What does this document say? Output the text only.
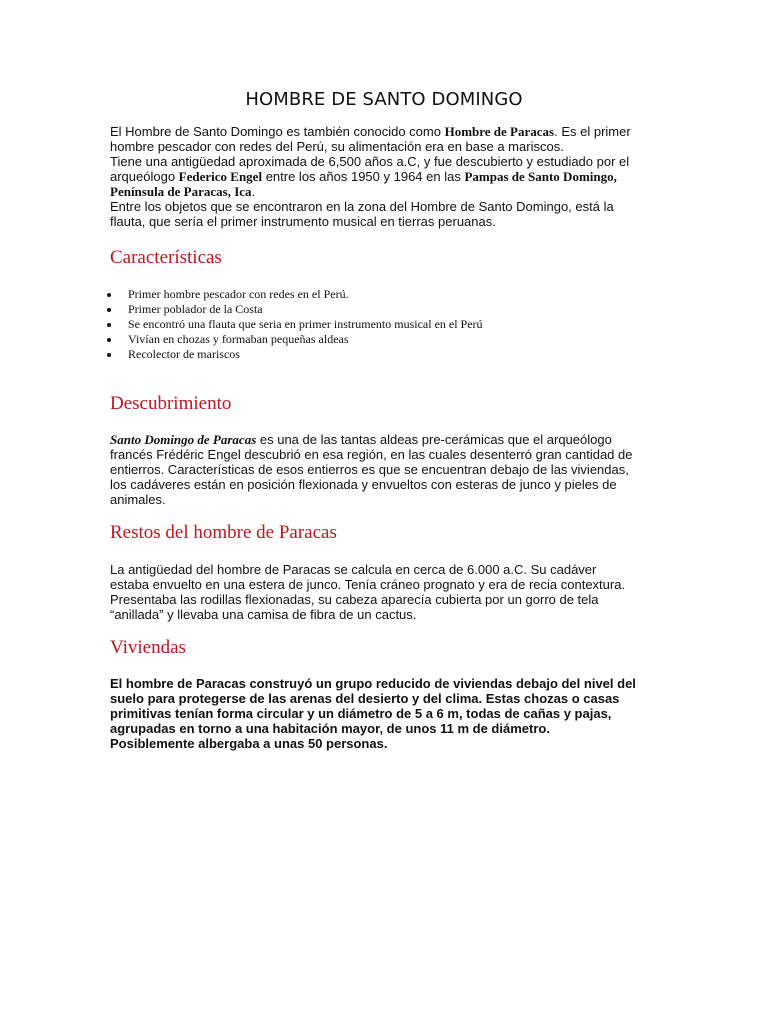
HOMBRE DE SANTO DOMINGO
El Hombre de Santo Domingo es también conocido como Hombre de Paracas. Es el primer
hombre pescador con redes del Perú, su alimentación era en base a mariscos.
Tiene una antigüedad aproximada de 6,500 años a.C, y fue descubierto y estudiado por el
arqueólogo Federico Engel entre los años 1950 y 1964 en las Pampas de Santo Domingo,
Península de Paracas, Ica.
Entre los objetos que se encontraron en la zona del Hombre de Santo Domingo, está la
flauta, que sería el primer instrumento musical en tierras peruanas.
Características
Primer hombre pescador con redes en el Perú.
Primer poblador de la Costa
Se encontró una flauta que seria en primer instrumento musical en el Perú
Vivían en chozas y formaban pequeñas aldeas
Recolector de mariscos
Descubrimiento
Santo Domingo de Paracas es una de las tantas aldeas pre-cerámicas que el arqueólogo
francés Frédéric Engel descubrió en esa región, en las cuales desenterró gran cantidad de
entierros. Características de esos entierros es que se encuentran debajo de las viviendas,
los cadáveres están en posición flexionada y envueltos con esteras de junco y pieles de
animales.
Restos del hombre de Paracas
La antigüedad del hombre de Paracas se calcula en cerca de 6.000 a.C. Su cadáver
estaba envuelto en una estera de junco. Tenía cráneo prognato y era de recia contextura.
Presentaba las rodillas flexionadas, su cabeza aparecía cubierta por un gorro de tela
“anillada” y llevaba una camisa de fibra de un cactus.
Viviendas
El hombre de Paracas construyó un grupo reducido de viviendas debajo del nivel del
suelo para protegerse de las arenas del desierto y del clima. Estas chozas o casas
primitivas tenían forma circular y un diámetro de 5 a 6 m, todas de cañas y pajas,
agrupadas en torno a una habitación mayor, de unos 11 m de diámetro.
Posiblemente albergaba a unas 50 personas.
